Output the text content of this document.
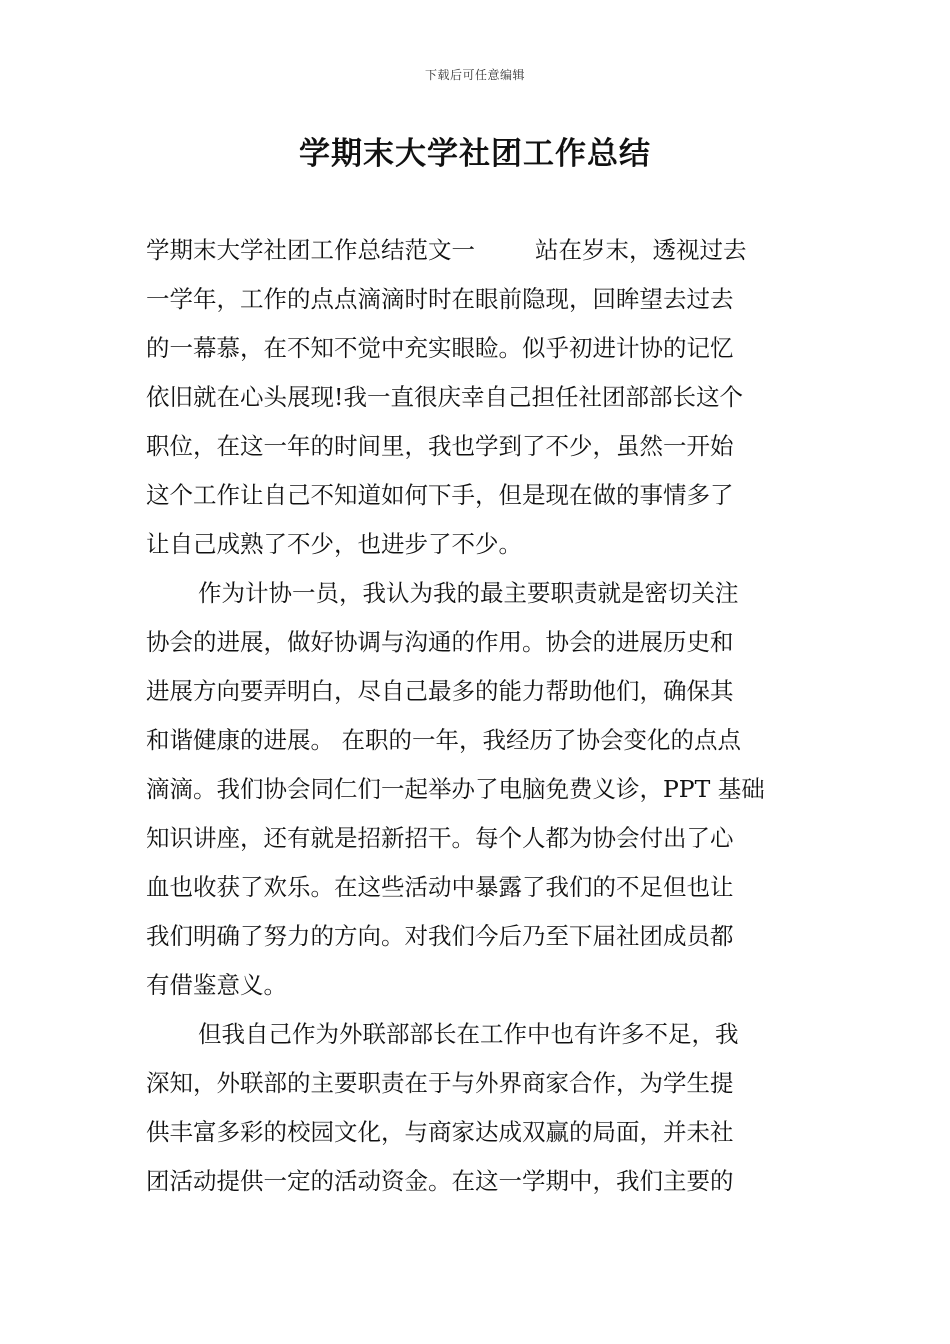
下载后可任意编辑
学期末大学社团工作总结
学期末大学社团工作总结范文一	站在岁末，透视过去
一学年，工作的点点滴滴时时在眼前隐现，回眸望去过去
的一幕慕，在不知不觉中充实眼睑。似乎初进计协的记忆
依旧就在心头展现!我一直很庆幸自己担任社团部部长这个
职位，在这一年的时间里，我也学到了不少，虽然一开始
这个工作让自己不知道如何下手，但是现在做的事情多了
让自己成熟了不少，也进步了不少。
作为计协一员，我认为我的最主要职责就是密切关注
协会的进展，做好协调与沟通的作用。协会的进展历史和
进展方向要弄明白，尽自己最多的能力帮助他们，确保其
和谐健康的进展。 在职的一年，我经历了协会变化的点点
滴滴。我们协会同仁们一起举办了电脑免费义诊，PPT 基础
知识讲座，还有就是招新招干。每个人都为协会付出了心
血也收获了欢乐。在这些活动中暴露了我们的不足但也让
我们明确了努力的方向。对我们今后乃至下届社团成员都
有借鉴意义。
但我自己作为外联部部长在工作中也有许多不足，我
深知，外联部的主要职责在于与外界商家合作，为学生提
供丰富多彩的校园文化，与商家达成双赢的局面，并未社
团活动提供一定的活动资金。在这一学期中，我们主要的
